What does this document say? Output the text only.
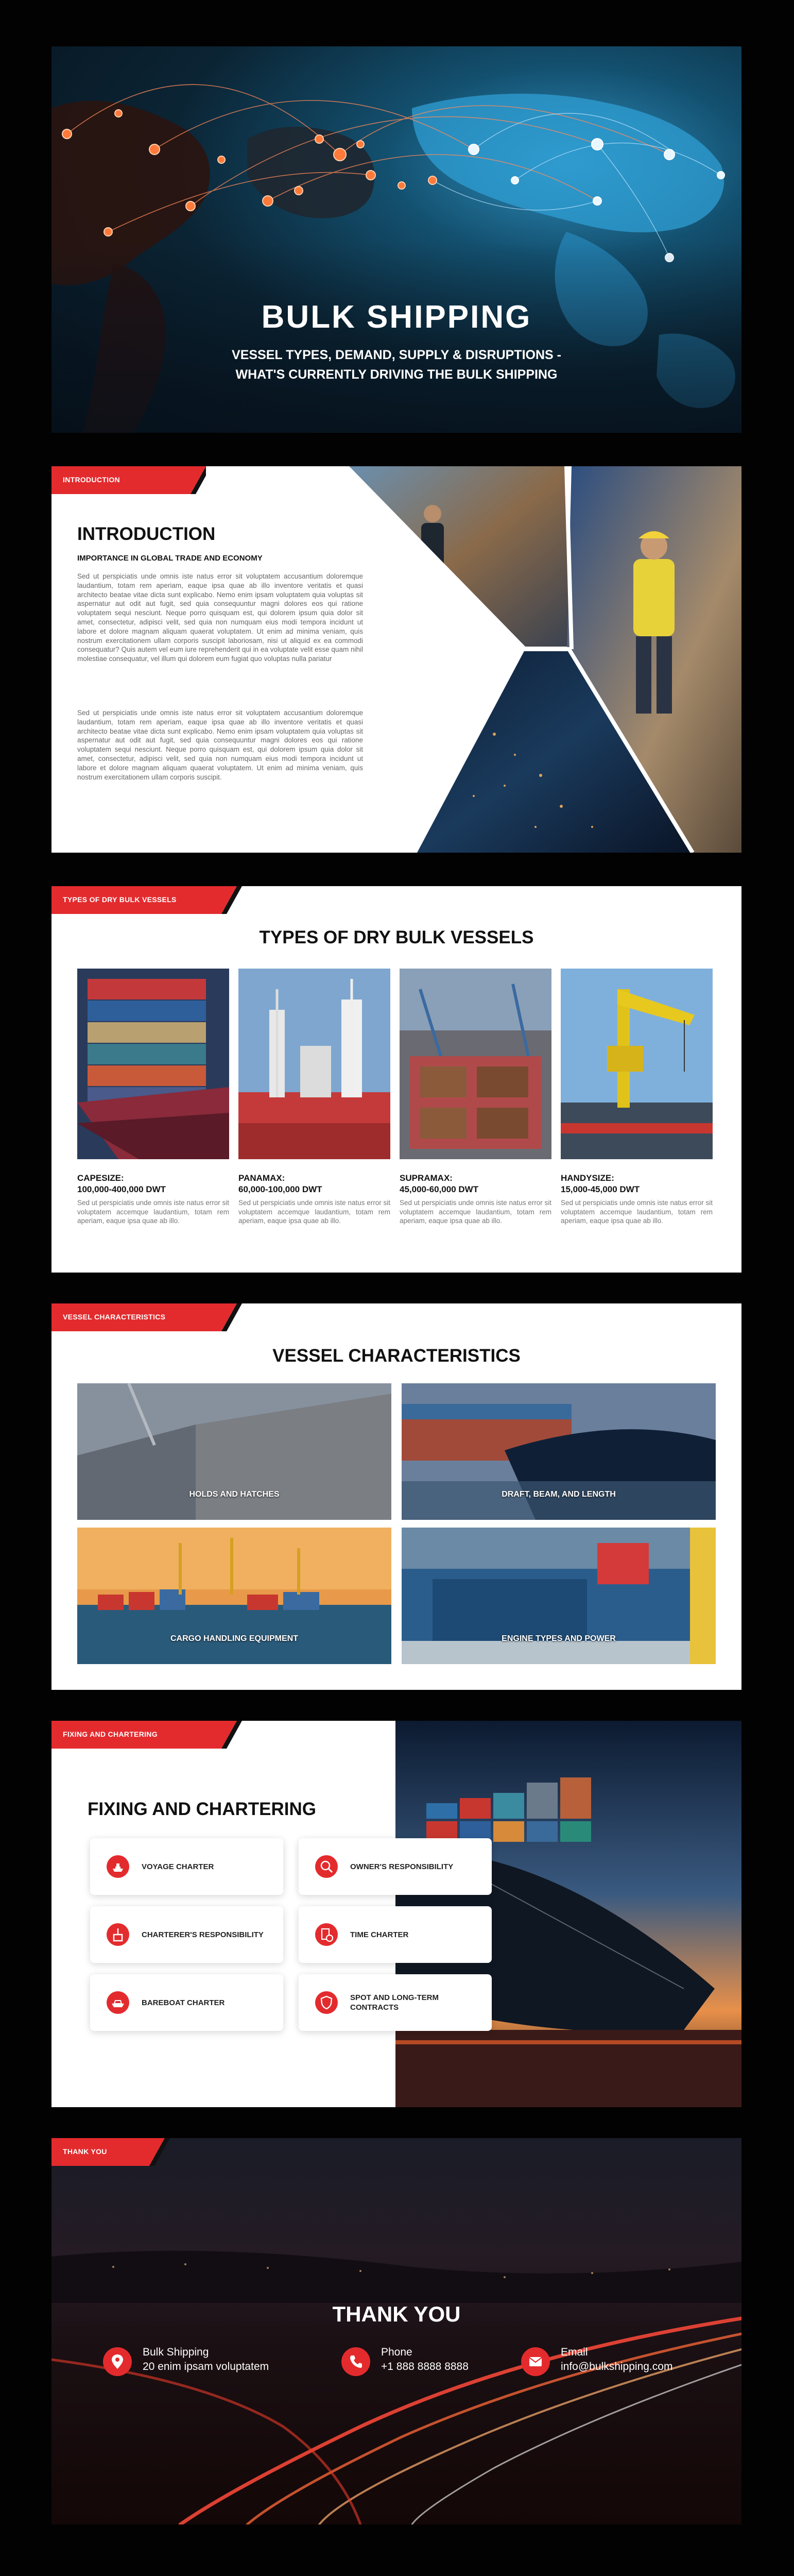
BULK SHIPPING
VESSEL TYPES, DEMAND, SUPPLY & DISRUPTIONS - WHAT'S CURRENTLY DRIVING THE BULK SHIPPING
INTRODUCTION
INTRODUCTION
IMPORTANCE IN GLOBAL TRADE AND ECONOMY

Sed ut perspiciatis unde omnis iste natus error sit voluptatem accusantium doloremque laudantium, totam rem aperiam, eaque ipsa quae ab illo inventore veritatis et quasi architecto beatae vitae dicta sunt explicabo. Nemo enim ipsam voluptatem quia voluptas sit aspernatur aut odit aut fugit, sed quia consequuntur magni dolores eos qui ratione voluptatem sequi nesciunt. Neque porro quisquam est, qui dolorem ipsum quia dolor sit amet, consectetur, adipisci velit, sed quia non numquam eius modi tempora incidunt ut labore et dolore magnam aliquam quaerat voluptatem. Ut enim ad minima veniam, quis nostrum exercitationem ullam corporis suscipit laboriosam, nisi ut aliquid ex ea commodi consequatur? Quis autem vel eum iure reprehenderit qui in ea voluptate velit esse quam nihil molestiae consequatur, vel illum qui dolorem eum fugiat quo voluptas nulla pariatur

Sed ut perspiciatis unde omnis iste natus error sit voluptatem accusantium doloremque laudantium, totam rem aperiam, eaque ipsa quae ab illo inventore veritatis et quasi architecto beatae vitae dicta sunt explicabo. Nemo enim ipsam voluptatem quia voluptas sit aspernatur aut odit aut fugit, sed quia consequuntur magni dolores eos qui ratione voluptatem sequi nesciunt. Neque porro quisquam est, qui dolorem ipsum quia dolor sit amet, consectetur, adipisci velit, sed quia non numquam eius modi tempora incidunt ut labore et dolore magnam aliquam quaerat voluptatem. Ut enim ad minima veniam, quis nostrum exercitationem ullam corporis suscipit.

TYPES OF DRY BULK VESSELS
TYPES OF DRY BULK VESSELS
CAPESIZE:
100,000-400,000 DWT
Sed ut perspiciatis unde omnis iste natus error sit voluptatem accemque laudantium, totam rem aperiam, eaque ipsa quae ab illo.
PANAMAX:
60,000-100,000 DWT
Sed ut perspiciatis unde omnis iste natus error sit voluptatem accemque laudantium, totam rem aperiam, eaque ipsa quae ab illo.
SUPRAMAX:
45,000-60,000 DWT
Sed ut perspiciatis unde omnis iste natus error sit voluptatem accemque laudantium, totam rem aperiam, eaque ipsa quae ab illo.
HANDYSIZE:
15,000-45,000 DWT
Sed ut perspiciatis unde omnis iste natus error sit voluptatem accemque laudantium, totam rem aperiam, eaque ipsa quae ab illo.
VESSEL CHARACTERISTICS
VESSEL CHARACTERISTICS
HOLDS AND HATCHES	DRAFT, BEAM, AND LENGTH
CARGO HANDLING EQUIPMENT	ENGINE TYPES AND POWER
FIXING AND CHARTERING
FIXING AND CHARTERING
VOYAGE CHARTER	OWNER'S RESPONSIBILITY
CHARTERER'S RESPONSIBILITY	TIME CHARTER
BAREBOAT CHARTER
SPOT AND LONG-TERM CONTRACTS
THANK YOU
THANK YOU
Bulk Shipping
20 enim ipsam voluptatem
Phone
+1 888 8888 8888
Email
info@bulkshipping.com
